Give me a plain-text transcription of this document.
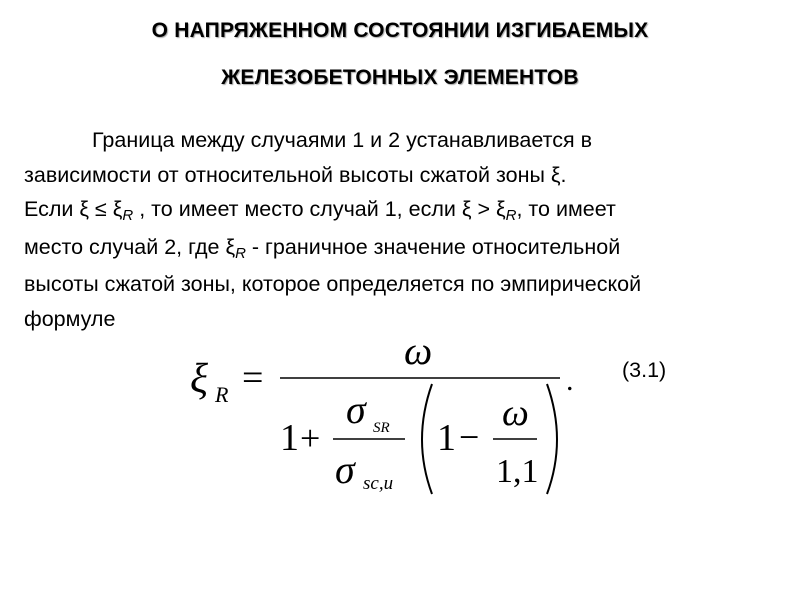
О НАПРЯЖЕННОМ СОСТОЯНИИ ИЗГИБАЕМЫХ
ЖЕЛЕЗОБЕТОННЫХ ЭЛЕМЕНТОВ
Граница между случаями 1 и 2 устанавливается в
зависимости от относительной высоты сжатой зоны ξ.
Если ξ ≤ ξR , то имеет место случай 1, если ξ > ξR, то имеет
место случай 2, где ξR - граничное значение относительной
высоты сжатой зоны, которое определяется по эмпирической
формуле
ξ R =
ω
.
1 +
σ SR
σ sc,u
1 −
ω
1,1
(3.1)
